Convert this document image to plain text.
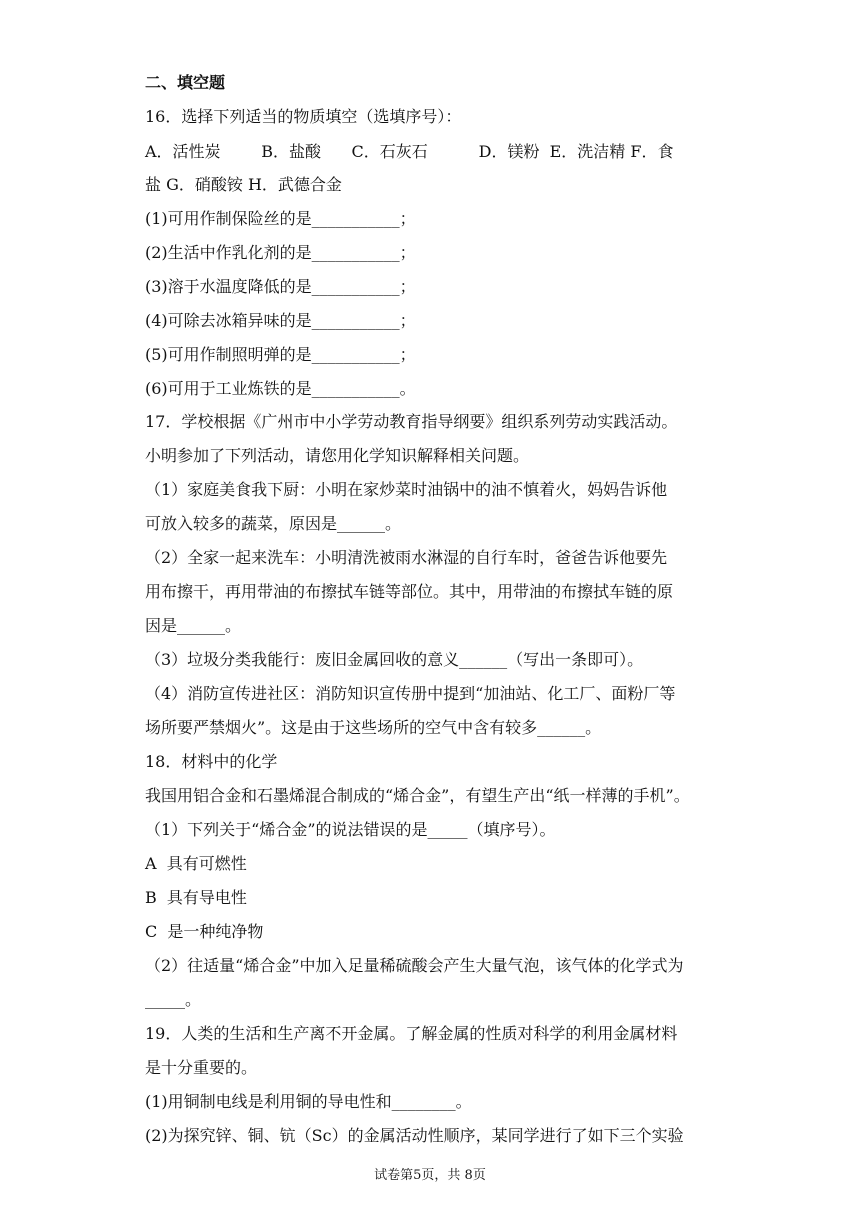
二、填空题
16．选择下列适当的物质填空（选填序号）：
A．活性炭        B．盐酸      C．石灰石          D．镁粉  E．洗洁精 F．食
盐 G．硝酸铵 H．武德合金
(1)可用作制保险丝的是___________；
(2)生活中作乳化剂的是___________；
(3)溶于水温度降低的是___________；
(4)可除去冰箱异味的是___________；
(5)可用作制照明弹的是___________；
(6)可用于工业炼铁的是___________。
17．学校根据《广州市中小学劳动教育指导纲要》组织系列劳动实践活动。
小明参加了下列活动，请您用化学知识解释相关问题。
（1）家庭美食我下厨：小明在家炒菜时油锅中的油不慎着火，妈妈告诉他
可放入较多的蔬菜，原因是______。
（2）全家一起来洗车：小明清洗被雨水淋湿的自行车时，爸爸告诉他要先
用布擦干，再用带油的布擦拭车链等部位。其中，用带油的布擦拭车链的原
因是______。
（3）垃圾分类我能行：废旧金属回收的意义______（写出一条即可）。
（4）消防宣传进社区：消防知识宣传册中提到“加油站、化工厂、面粉厂等
场所要严禁烟火”。这是由于这些场所的空气中含有较多______。
18．材料中的化学
我国用铝合金和石墨烯混合制成的“烯合金”，有望生产出“纸一样薄的手机”。
（1）下列关于“烯合金”的说法错误的是_____（填序号）。
A  具有可燃性
B  具有导电性
C  是一种纯净物
（2）往适量“烯合金”中加入足量稀硫酸会产生大量气泡，该气体的化学式为
_____。
19．人类的生活和生产离不开金属。了解金属的性质对科学的利用金属材料
是十分重要的。
(1)用铜制电线是利用铜的导电性和________。
(2)为探究锌、铜、钪（Sc）的金属活动性顺序，某同学进行了如下三个实验
试卷第5页，共 8页
